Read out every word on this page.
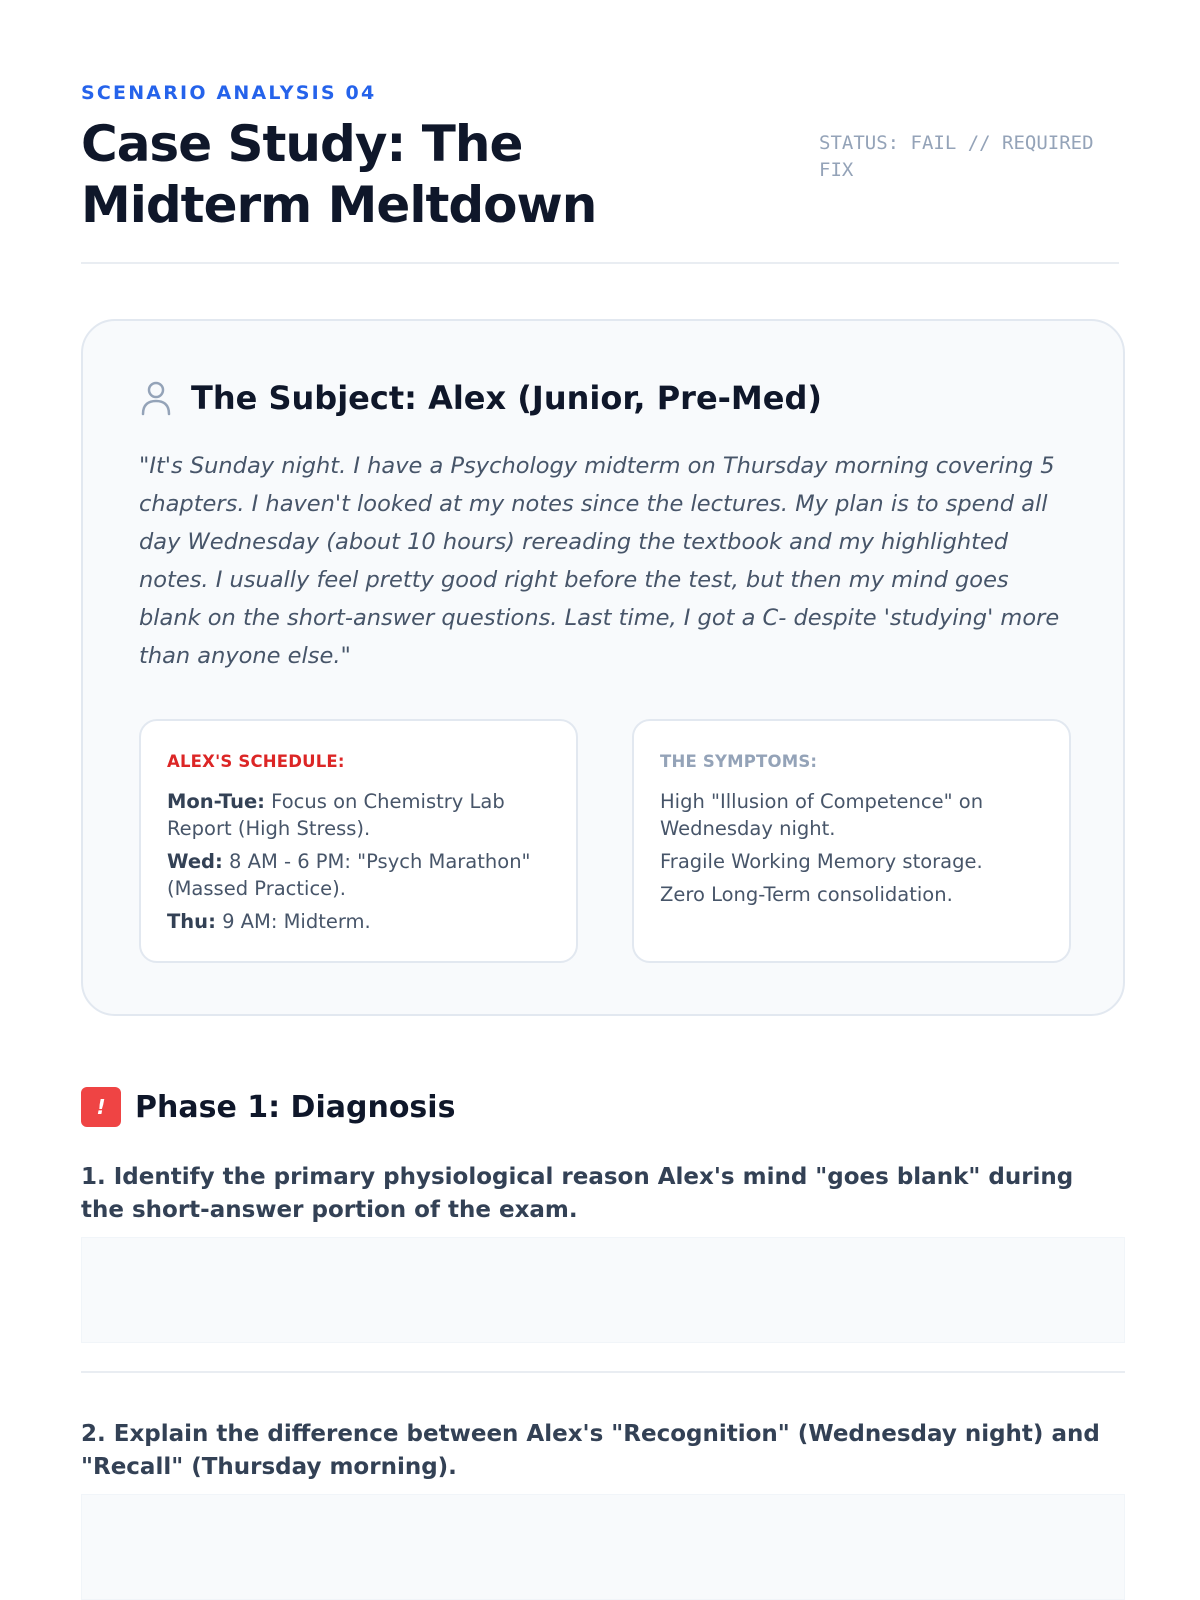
SCENARIO ANALYSIS 04
Case Study: The Midterm Meltdown
STATUS: FAIL // REQUIRED FIX
The Subject: Alex (Junior, Pre-Med)

"It's Sunday night. I have a Psychology midterm on Thursday morning covering 5 chapters. I haven't looked at my notes since the lectures. My plan is to spend all day Wednesday (about 10 hours) rereading the textbook and my highlighted notes. I usually feel pretty good right before the test, but then my mind goes blank on the short-answer questions. Last time, I got a C- despite 'studying' more than anyone else."

ALEX'S SCHEDULE:
Mon-Tue: Focus on Chemistry Lab Report (High Stress).
Wed: 8 AM - 6 PM: "Psych Marathon" (Massed Practice).
Thu: 9 AM: Midterm.
THE SYMPTOMS:
High "Illusion of Competence" on Wednesday night.
Fragile Working Memory storage.
Zero Long-Term consolidation.
! Phase 1: Diagnosis
1. Identify the primary physiological reason Alex's mind "goes blank" during the short-answer portion of the exam.
2. Explain the difference between Alex's "Recognition" (Wednesday night) and "Recall" (Thursday morning).
